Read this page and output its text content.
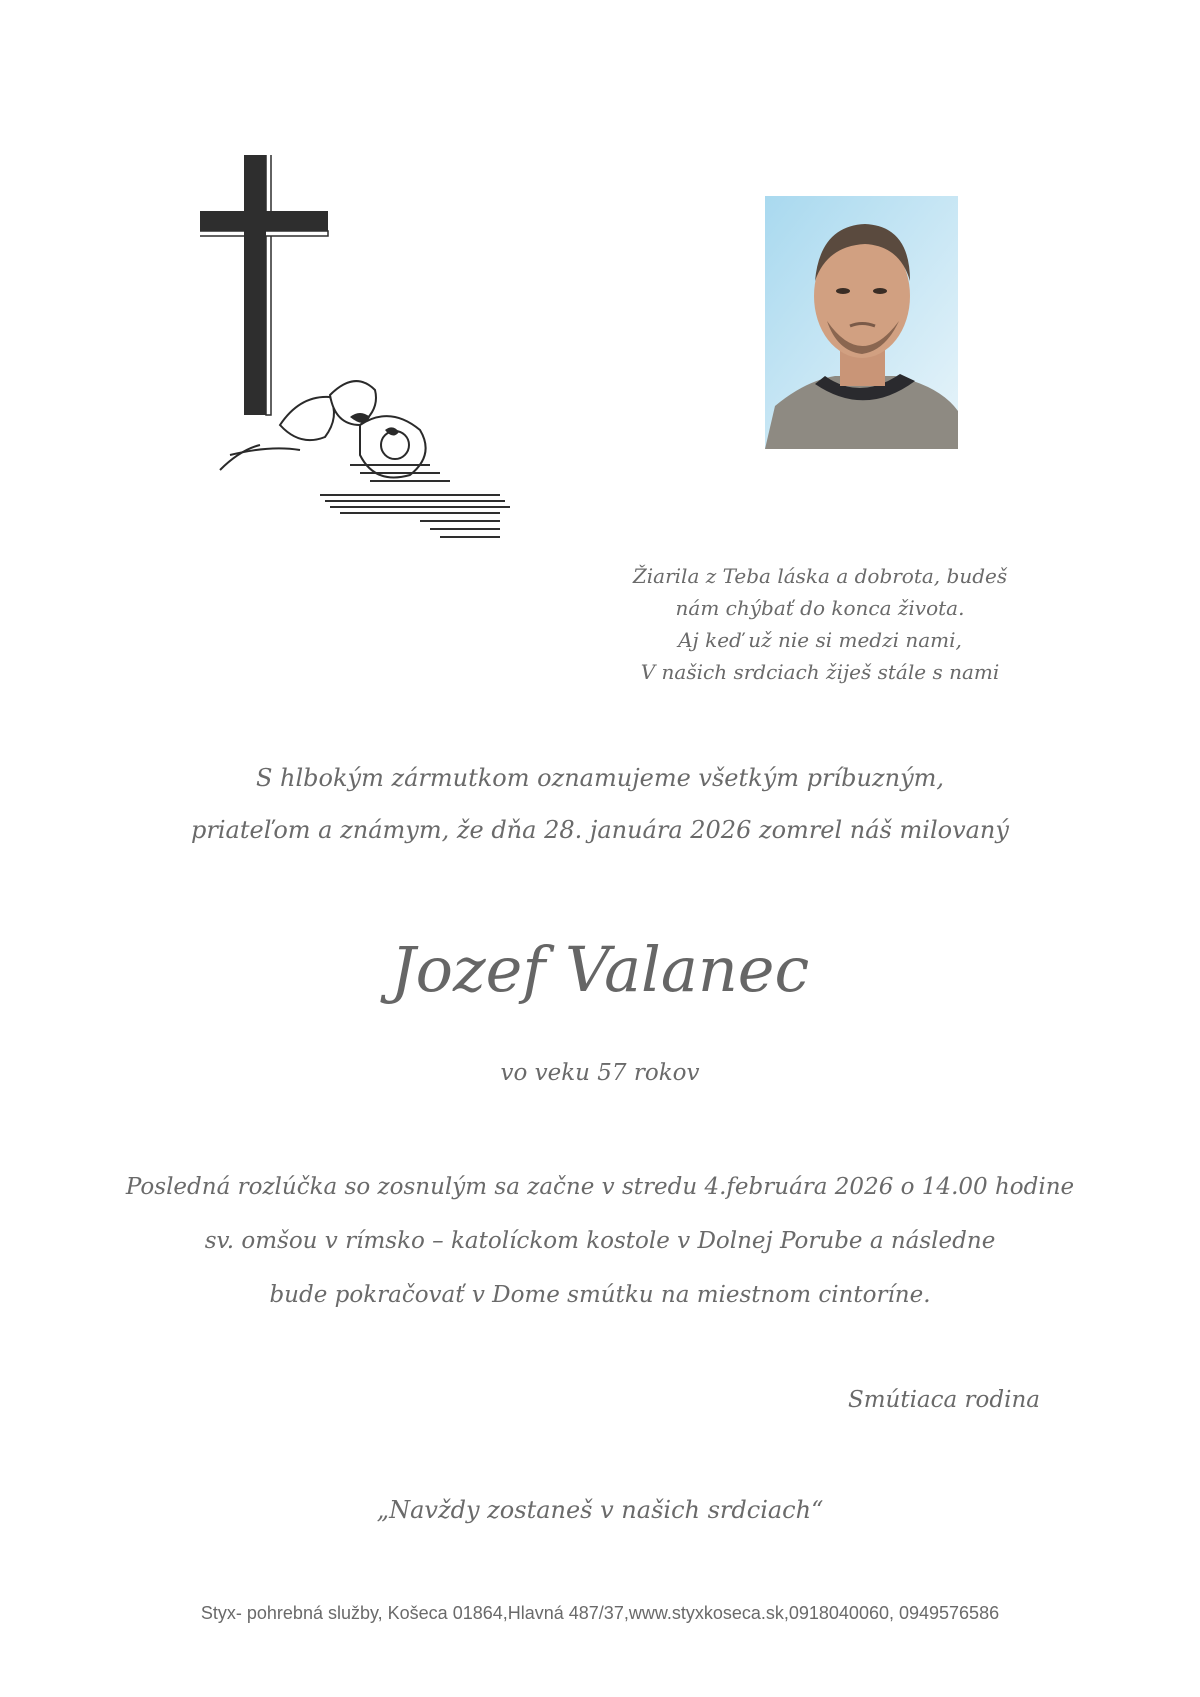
Žiarila z Teba láska a dobrota, budeš
nám chýbať do konca života.
Aj keď už nie si medzi nami,
V našich srdciach žiješ stále s nami
S hlbokým zármutkom oznamujeme všetkým príbuzným,
priateľom a známym, že dňa 28. januára 2026 zomrel náš milovaný
Jozef Valanec
vo veku 57 rokov
Posledná rozlúčka so zosnulým sa začne v stredu 4.februára 2026 o 14.00 hodine
sv. omšou v rímsko – katolíckom kostole v Dolnej Porube a následne
bude pokračovať v Dome smútku na miestnom cintoríne.
Smútiaca rodina
„Navždy zostaneš v našich srdciach“
Styx- pohrebná služby, Košeca 01864,Hlavná 487/37,www.styxkoseca.sk,0918040060, 0949576586
